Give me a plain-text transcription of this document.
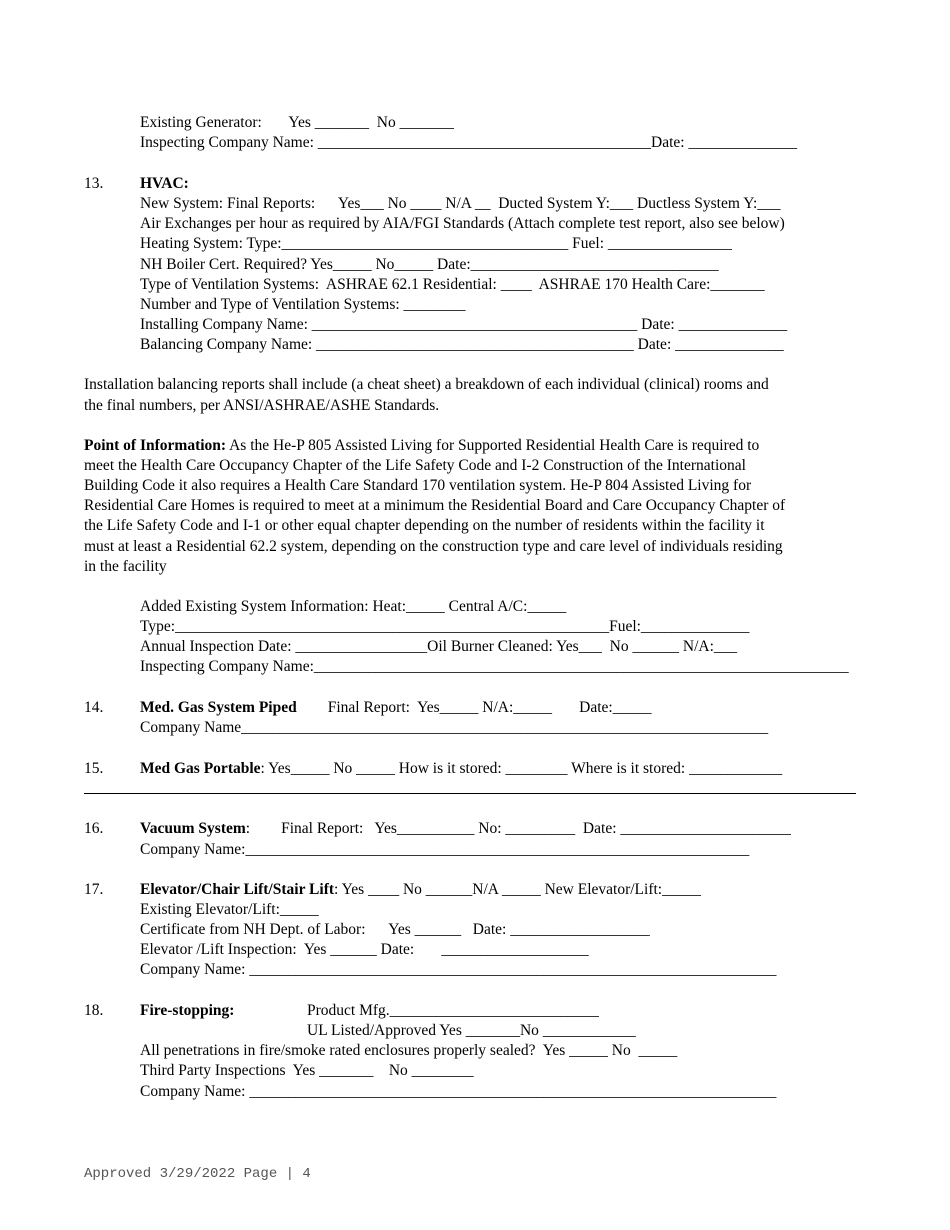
Existing Generator:       Yes _______  No _______
Inspecting Company Name: ___________________________________________Date: ______________
13. HVAC:
New System: Final Reports:      Yes___ No ____ N/A __  Ducted System Y:___ Ductless System Y:___
Air Exchanges per hour as required by AIA/FGI Standards (Attach complete test report, also see below)
Heating System: Type:_____________________________________ Fuel: ________________
NH Boiler Cert. Required? Yes_____ No_____ Date:________________________________
Type of Ventilation Systems:  ASHRAE 62.1 Residential: ____  ASHRAE 170 Health Care:_______
Number and Type of Ventilation Systems: ________
Installing Company Name: __________________________________________ Date: ______________
Balancing Company Name: _________________________________________ Date: ______________
Installation balancing reports shall include (a cheat sheet) a breakdown of each individual (clinical) rooms and
the final numbers, per ANSI/ASHRAE/ASHE Standards.
Point of Information: As the He-P 805 Assisted Living for Supported Residential Health Care is required to
meet the Health Care Occupancy Chapter of the Life Safety Code and I-2 Construction of the International
Building Code it also requires a Health Care Standard 170 ventilation system. He-P 804 Assisted Living for
Residential Care Homes is required to meet at a minimum the Residential Board and Care Occupancy Chapter of
the Life Safety Code and I-1 or other equal chapter depending on the number of residents within the facility it
must at least a Residential 62.2 system, depending on the construction type and care level of individuals residing
in the facility
Added Existing System Information: Heat:_____ Central A/C:_____
Type:________________________________________________________Fuel:______________
Annual Inspection Date: _________________Oil Burner Cleaned: Yes___  No ______ N/A:___
Inspecting Company Name:_____________________________________________________________________
14. Med. Gas System Piped        Final Report:  Yes_____ N/A:_____       Date:_____
Company Name____________________________________________________________________
15. Med Gas Portable: Yes_____ No _____ How is it stored: ________ Where is it stored: ____________
16. Vacuum System:        Final Report:   Yes__________ No: _________  Date: ______________________
Company Name:_________________________________________________________________
17. Elevator/Chair Lift/Stair Lift: Yes ____ No ______N/A _____ New Elevator/Lift:_____
Existing Elevator/Lift:_____
Certificate from NH Dept. of Labor:      Yes ______   Date: __________________
Elevator /Lift Inspection:  Yes ______ Date:       ___________________
Company Name: ____________________________________________________________________
18. Fire-stopping:	Product Mfg.___________________________
UL Listed/Approved Yes _______No ____________
All penetrations in fire/smoke rated enclosures properly sealed?  Yes _____ No  _____
Third Party Inspections  Yes _______    No ________
Company Name: ____________________________________________________________________
Approved 3/29/2022 Page | 4
